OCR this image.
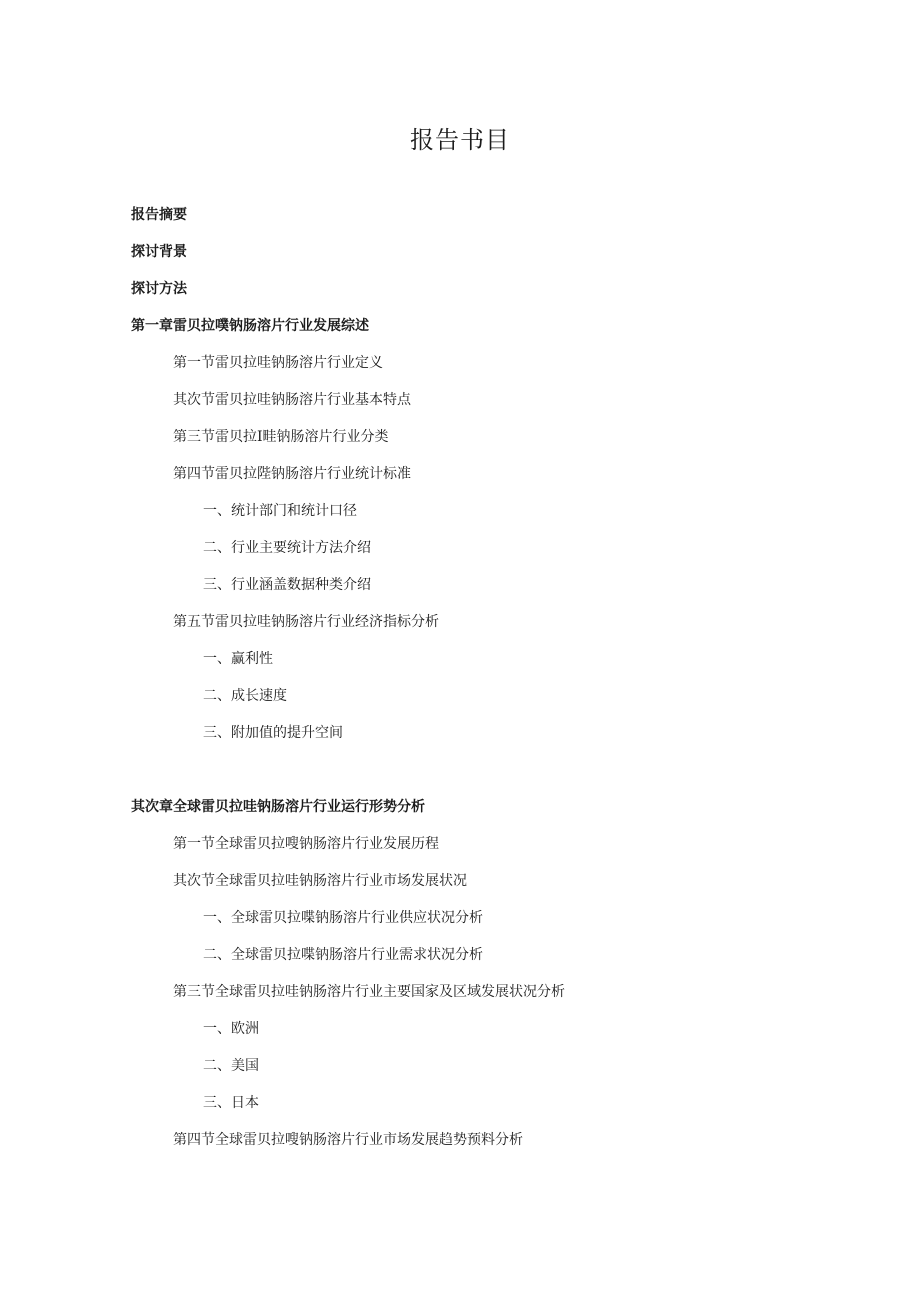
报告书目
报告摘要
探讨背景
探讨方法
第一章雷贝拉噗钠肠溶片行业发展综述
第一节雷贝拉哇钠肠溶片行业定义
其次节雷贝拉哇钠肠溶片行业基本特点
第三节雷贝拉Ⅰ畦钠肠溶片行业分类
第四节雷贝拉陛钠肠溶片行业统计标准
一、统计部门和统计口径
二、行业主要统计方法介绍
三、行业涵盖数据种类介绍
第五节雷贝拉哇钠肠溶片行业经济指标分析
一、赢利性
二、成长速度
三、附加值的提升空间
其次章全球雷贝拉哇钠肠溶片行业运行形势分析
第一节全球雷贝拉嗖钠肠溶片行业发展历程
其次节全球雷贝拉哇钠肠溶片行业市场发展状况
一、全球雷贝拉喋钠肠溶片行业供应状况分析
二、全球雷贝拉喋钠肠溶片行业需求状况分析
第三节全球雷贝拉哇钠肠溶片行业主要国家及区域发展状况分析
一、欧洲
二、美国
三、日本
第四节全球雷贝拉嗖钠肠溶片行业市场发展趋势预料分析
